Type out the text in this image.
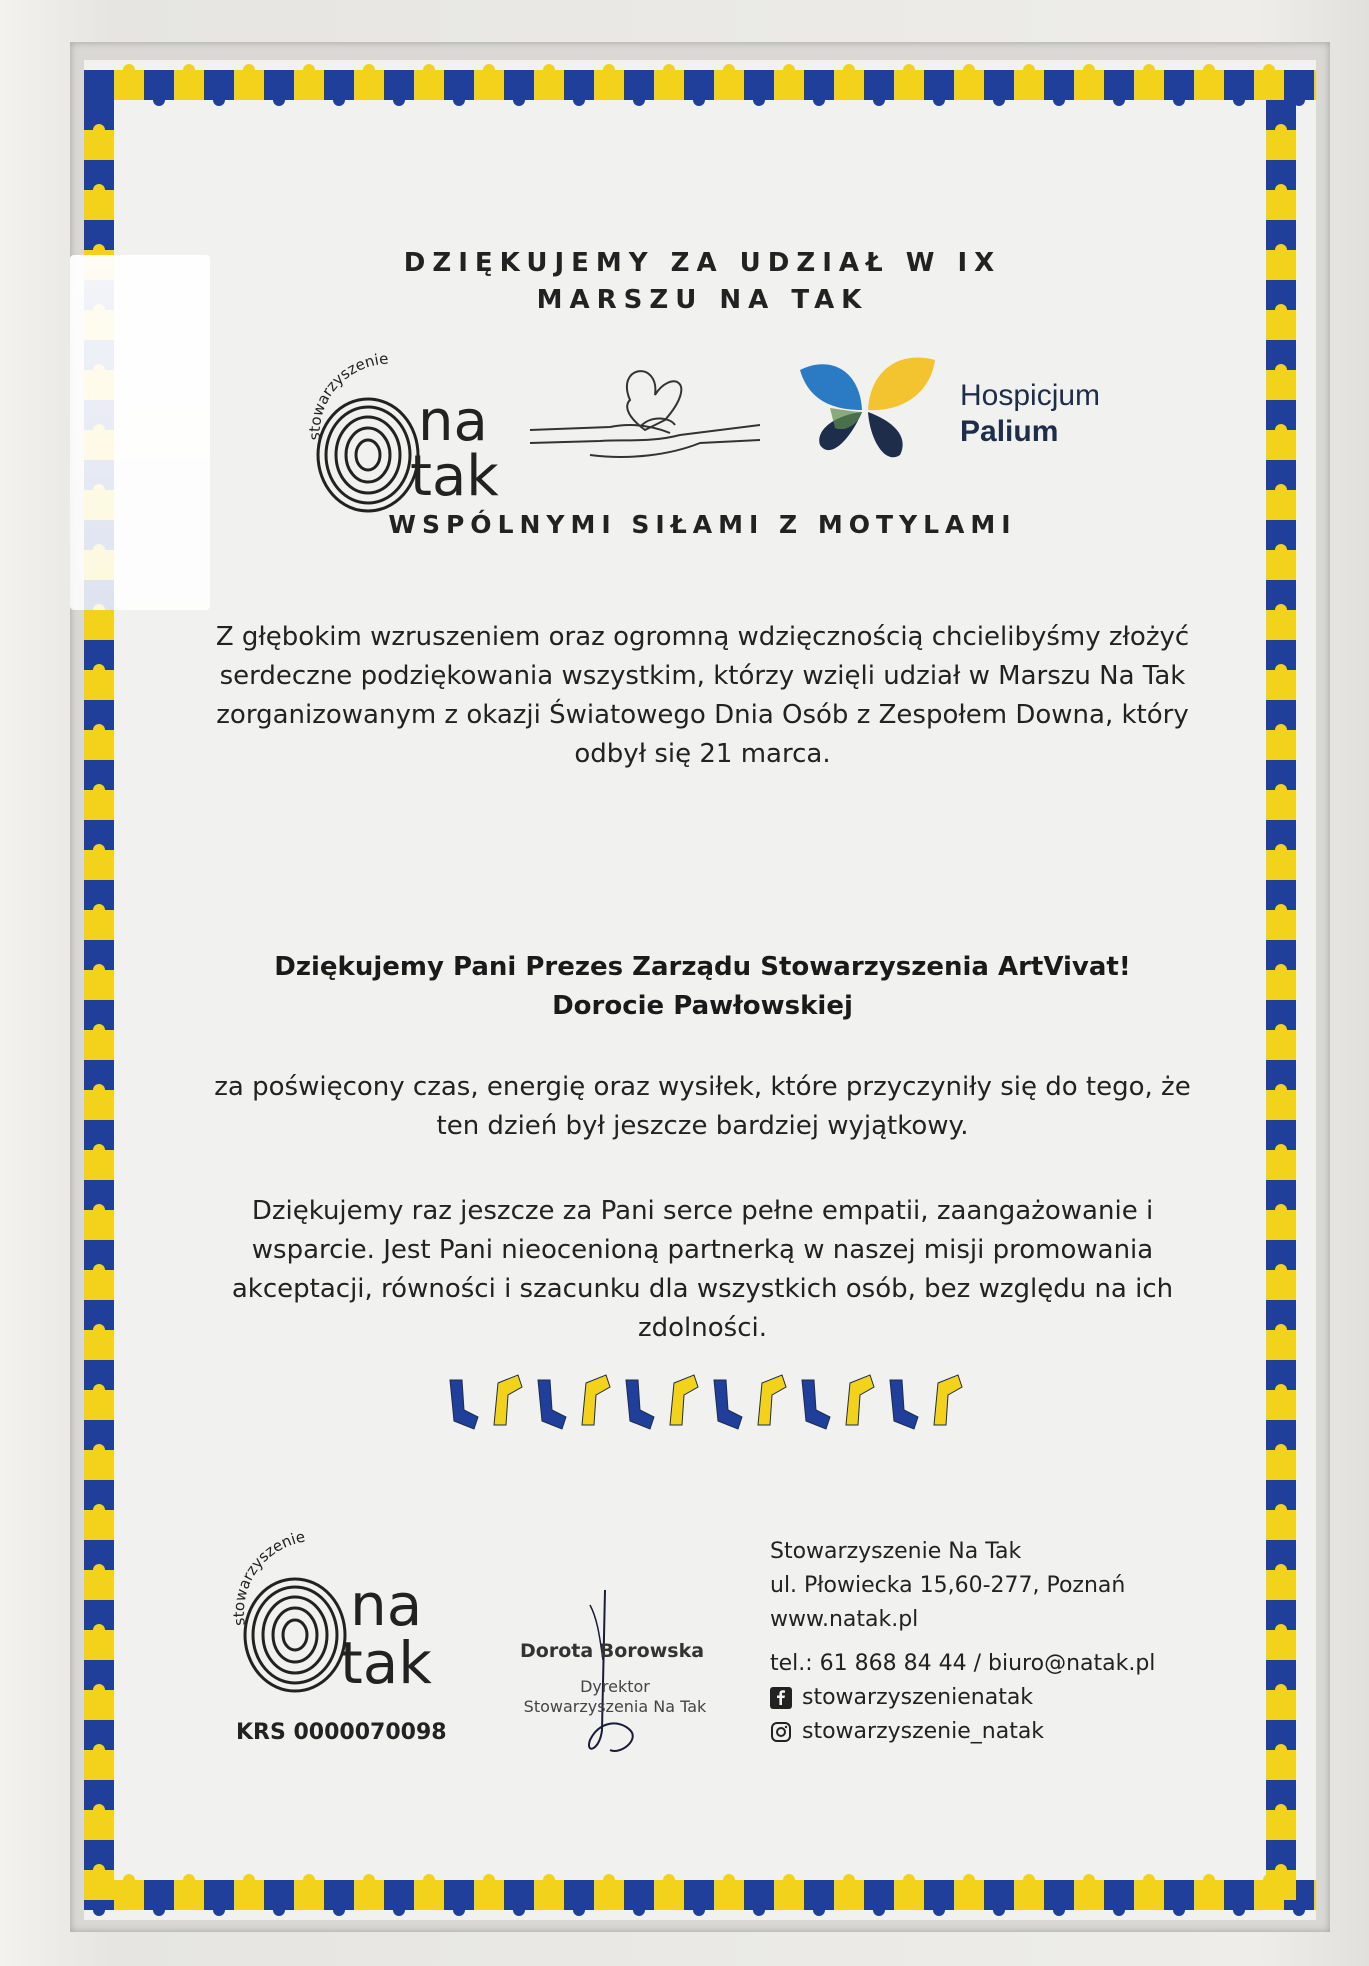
DZIĘKUJEMY ZA UDZIAŁ W IX
MARSZU NA TAK
stowarzyszenie
na
tak
Hospicjum
Palium
WSPÓLNYMI SIŁAMI Z MOTYLAMI
Z głębokim wzruszeniem oraz ogromną wdzięcznością chcielibyśmy złożyć serdeczne podziękowania wszystkim, którzy wzięli udział w Marszu Na Tak zorganizowanym z okazji Światowego Dnia Osób z Zespołem Downa, który odbył się 21 marca.
Dziękujemy Pani Prezes Zarządu Stowarzyszenia ArtVivat!
Dorocie Pawłowskiej
za poświęcony czas, energię oraz wysiłek, które przyczyniły się do tego, że ten dzień był jeszcze bardziej wyjątkowy.
Dziękujemy raz jeszcze za Pani serce pełne empatii, zaangażowanie i wsparcie. Jest Pani nieocenioną partnerką w naszej misji promowania akceptacji, równości i szacunku dla wszystkich osób, bez względu na ich zdolności.
stowarzyszenie
na
tak
KRS 0000070098
Dorota Borowska
Dyrektor
Stowarzyszenia Na Tak
Stowarzyszenie Na Tak
ul. Płowiecka 15,60-277, Poznań
www.natak.pl
tel.: 61 868 84 44 / biuro@natak.pl
stowarzyszenienatak
stowarzyszenie_natak
